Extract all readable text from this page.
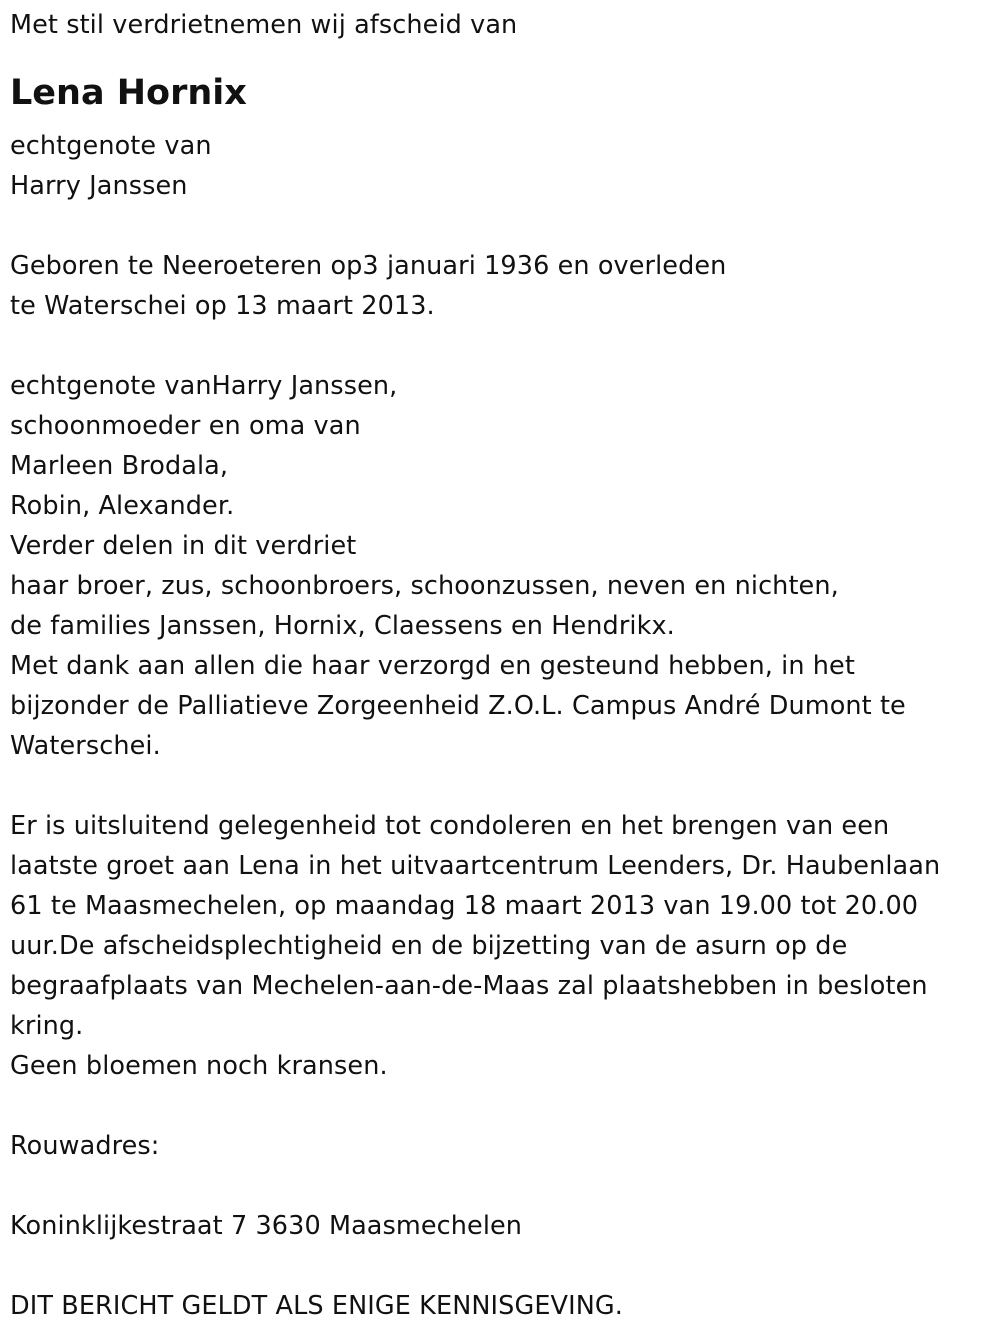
Met stil verdrietnemen wij afscheid van
Lena Hornix
echtgenote van
Harry Janssen
Geboren te Neeroeteren op3 januari 1936 en overleden
te Waterschei op 13 maart 2013.
echtgenote vanHarry Janssen,
schoonmoeder en oma van
Marleen Brodala,
Robin, Alexander.
Verder delen in dit verdriet
haar broer, zus, schoonbroers, schoonzussen, neven en nichten,
de families Janssen, Hornix, Claessens en Hendrikx.
Met dank aan allen die haar verzorgd en gesteund hebben, in het
bijzonder de Palliatieve Zorgeenheid Z.O.L. Campus André Dumont te
Waterschei.
Er is uitsluitend gelegenheid tot condoleren en het brengen van een
laatste groet aan Lena in het uitvaartcentrum Leenders, Dr. Haubenlaan
61 te Maasmechelen, op maandag 18 maart 2013 van 19.00 tot 20.00
uur.De afscheidsplechtigheid en de bijzetting van de asurn op de
begraafplaats van Mechelen-aan-de-Maas zal plaatshebben in besloten
kring.
Geen bloemen noch kransen.
Rouwadres:
Koninklijkestraat 7 3630 Maasmechelen
DIT BERICHT GELDT ALS ENIGE KENNISGEVING.
